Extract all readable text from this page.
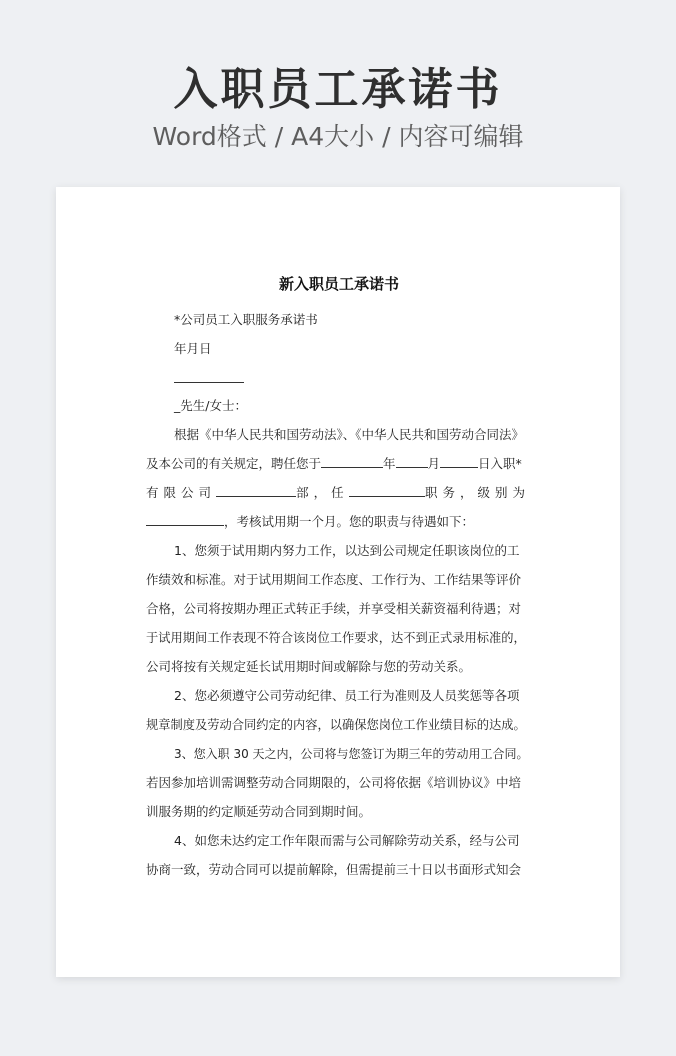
入职员工承诺书
Word格式 / A4大小 / 内容可编辑
新入职员工承诺书
*公司员工入职服务承诺书
年月日
_先生/女士：
根据《中华人民共和国劳动法》、《中华人民共和国劳动合同法》
及本公司的有关规定，聘任您于	年	月	日入职*
有限公司	部，任	职务，级别为
，考核试用期一个月。您的职责与待遇如下：
1、您须于试用期内努力工作，以达到公司规定任职该岗位的工
作绩效和标准。对于试用期间工作态度、工作行为、工作结果等评价
合格，公司将按期办理正式转正手续，并享受相关薪资福利待遇；对
于试用期间工作表现不符合该岗位工作要求，达不到正式录用标准的，
公司将按有关规定延长试用期时间或解除与您的劳动关系。
2、您必须遵守公司劳动纪律、员工行为准则及人员奖惩等各项
规章制度及劳动合同约定的内容，以确保您岗位工作业绩目标的达成。
3、您入职 30 天之内，公司将与您签订为期三年的劳动用工合同。
若因参加培训需调整劳动合同期限的，公司将依据《培训协议》中培
训服务期的约定顺延劳动合同到期时间。
4、如您未达约定工作年限而需与公司解除劳动关系，经与公司
协商一致，劳动合同可以提前解除，但需提前三十日以书面形式知会
